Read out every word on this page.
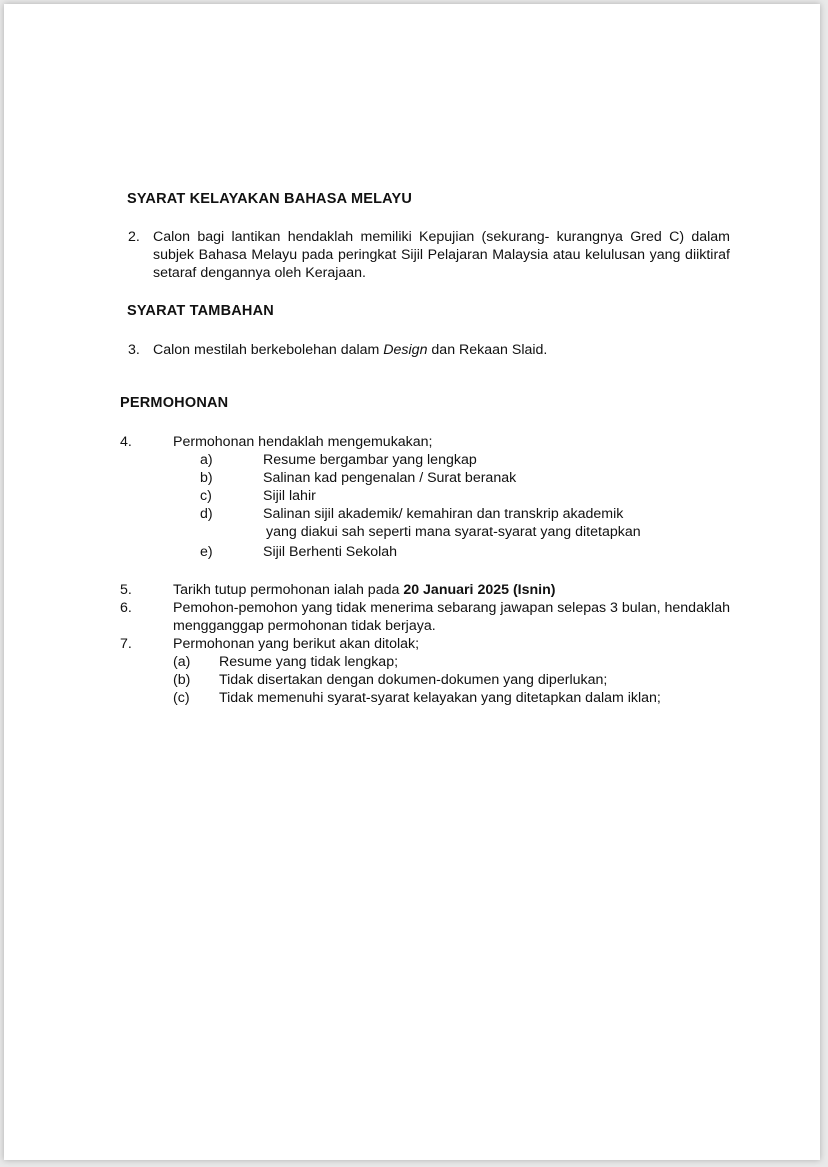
SYARAT KELAYAKAN BAHASA MELAYU
2. Calon bagi lantikan hendaklah memiliki Kepujian (sekurang- kurangnya Gred C) dalam subjek Bahasa Melayu pada peringkat Sijil Pelajaran Malaysia atau kelulusan yang diiktiraf setaraf dengannya oleh Kerajaan.
SYARAT TAMBAHAN
3. Calon mestilah berkebolehan dalam Design dan Rekaan Slaid.
PERMOHONAN
4.	Permohonan hendaklah mengemukakan;
a)	Resume bergambar yang lengkap
b)	Salinan kad pengenalan / Surat beranak
c)	Sijil lahir
d)	Salinan sijil akademik/ kemahiran dan transkrip akademik
yang diakui sah seperti mana syarat-syarat yang ditetapkan
e)	Sijil Berhenti Sekolah
5.	Tarikh tutup permohonan ialah pada 20 Januari 2025 (Isnin)
6.	Pemohon-pemohon yang tidak menerima sebarang jawapan selepas 3 bulan, hendaklah mengganggap permohonan tidak berjaya.
7.	Permohonan yang berikut akan ditolak;
(a) Resume yang tidak lengkap;
(b) Tidak disertakan dengan dokumen-dokumen yang diperlukan;
(c) Tidak memenuhi syarat-syarat kelayakan yang ditetapkan dalam iklan;
